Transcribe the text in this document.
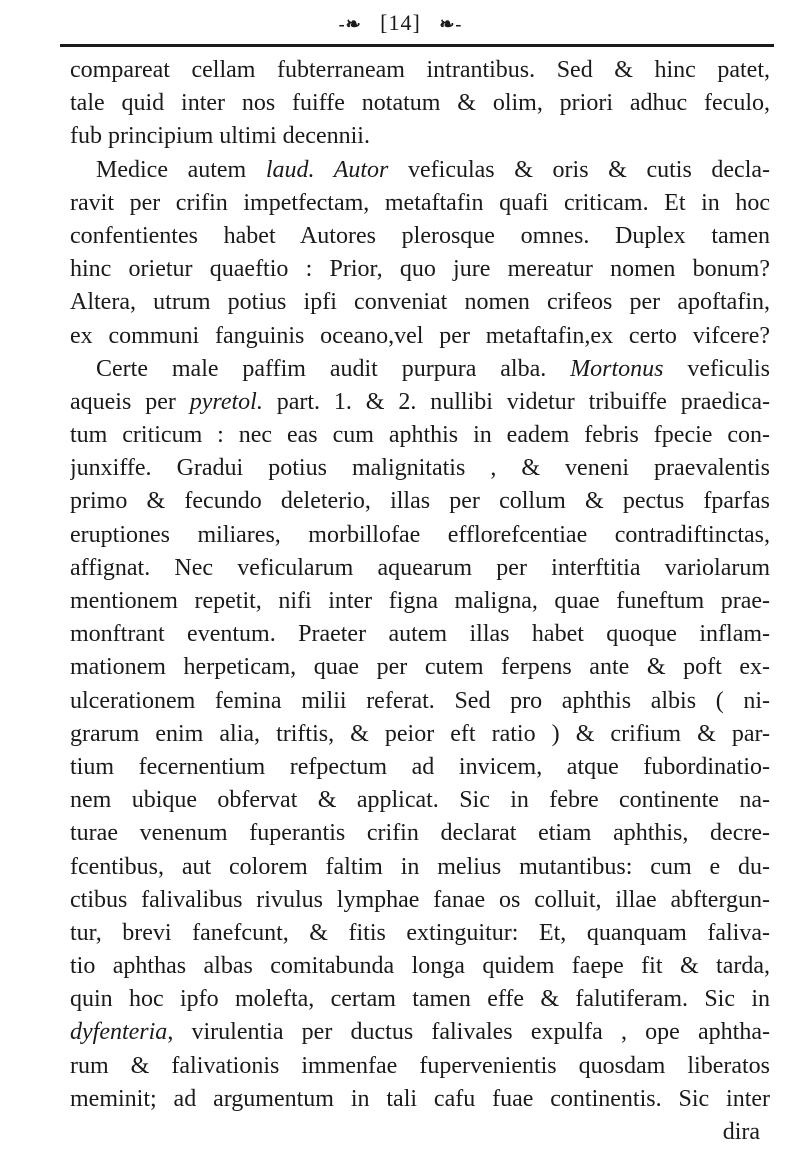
-❧ [14] ❧-
compareat cellam fubterraneam intrantibus. Sed & hinc patet,
tale quid inter nos fuiffe notatum & olim, priori adhuc feculo,
fub principium ultimi decennii.
Medice autem laud. Autor veficulas & oris & cutis decla-
ravit per crifin impetfectam, metaftafin quafi criticam. Et in hoc
confentientes habet Autores plerosque omnes. Duplex tamen
hinc orietur quaeftio : Prior, quo jure mereatur nomen bonum?
Altera, utrum potius ipfi conveniat nomen crifeos per apoftafin,
ex communi fanguinis oceano,vel per metaftafin,ex certo vifcere?
Certe male paffim audit purpura alba. Mortonus veficulis
aqueis per pyretol. part. 1. & 2. nullibi videtur tribuiffe praedica-
tum criticum : nec eas cum aphthis in eadem febris fpecie con-
junxiffe. Gradui potius malignitatis , & veneni praevalentis
primo & fecundo deleterio, illas per collum & pectus fparfas
eruptiones miliares, morbillofae efflorefcentiae contradiftinctas,
affignat. Nec veficularum aquearum per interftitia variolarum
mentionem repetit, nifi inter figna maligna, quae funeftum prae-
monftrant eventum. Praeter autem illas habet quoque inflam-
mationem herpeticam, quae per cutem ferpens ante & poft ex-
ulcerationem femina milii referat. Sed pro aphthis albis ( ni-
grarum enim alia, triftis, & peior eft ratio ) & crifium & par-
tium fecernentium refpectum ad invicem, atque fubordinatio-
nem ubique obfervat & applicat. Sic in febre continente na-
turae venenum fuperantis crifin declarat etiam aphthis, decre-
fcentibus, aut colorem faltim in melius mutantibus: cum e du-
ctibus falivalibus rivulus lymphae fanae os colluit, illae abftergun-
tur, brevi fanefcunt, & fitis extinguitur: Et, quanquam faliva-
tio aphthas albas comitabunda longa quidem faepe fit & tarda,
quin hoc ipfo molefta, certam tamen effe & falutiferam. Sic in
dyfenteria, virulentia per ductus falivales expulfa , ope aphtha-
rum & falivationis immenfae fupervenientis quosdam liberatos
meminit; ad argumentum in tali cafu fuae continentis. Sic inter
dira
